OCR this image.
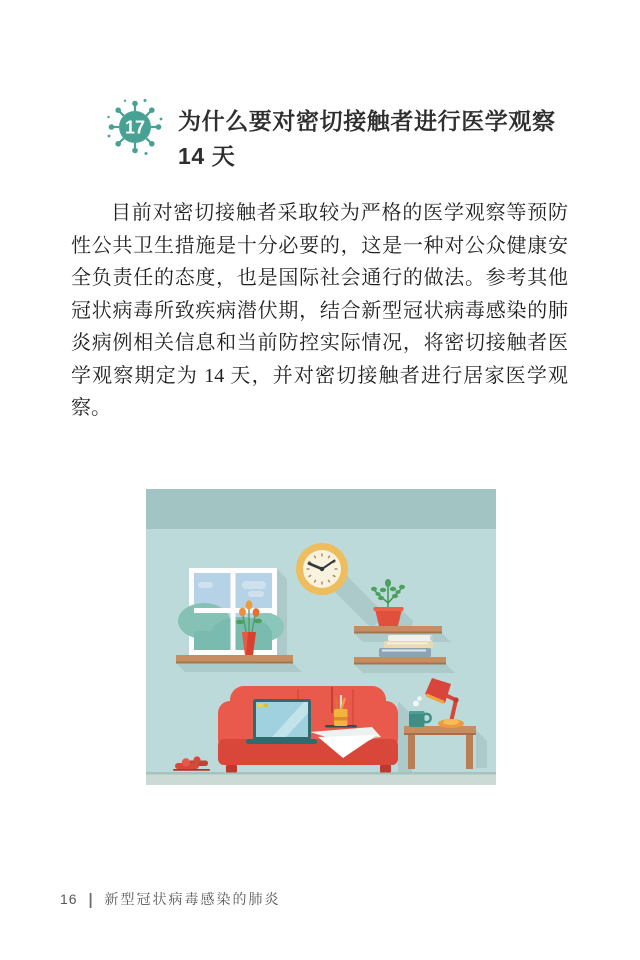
17 为什么要对密切接触者进行医学观察
14 天

目前对密切接触者采取较为严格的医学观察等预防性公共卫生措施是十分必要的，这是一种对公众健康安全负责任的态度，也是国际社会通行的做法。参考其他冠状病毒所致疾病潜伏期，结合新型冠状病毒感染的肺炎病例相关信息和当前防控实际情况，将密切接触者医学观察期定为 14 天，并对密切接触者进行居家医学观察。

16 | 新型冠状病毒感染的肺炎
